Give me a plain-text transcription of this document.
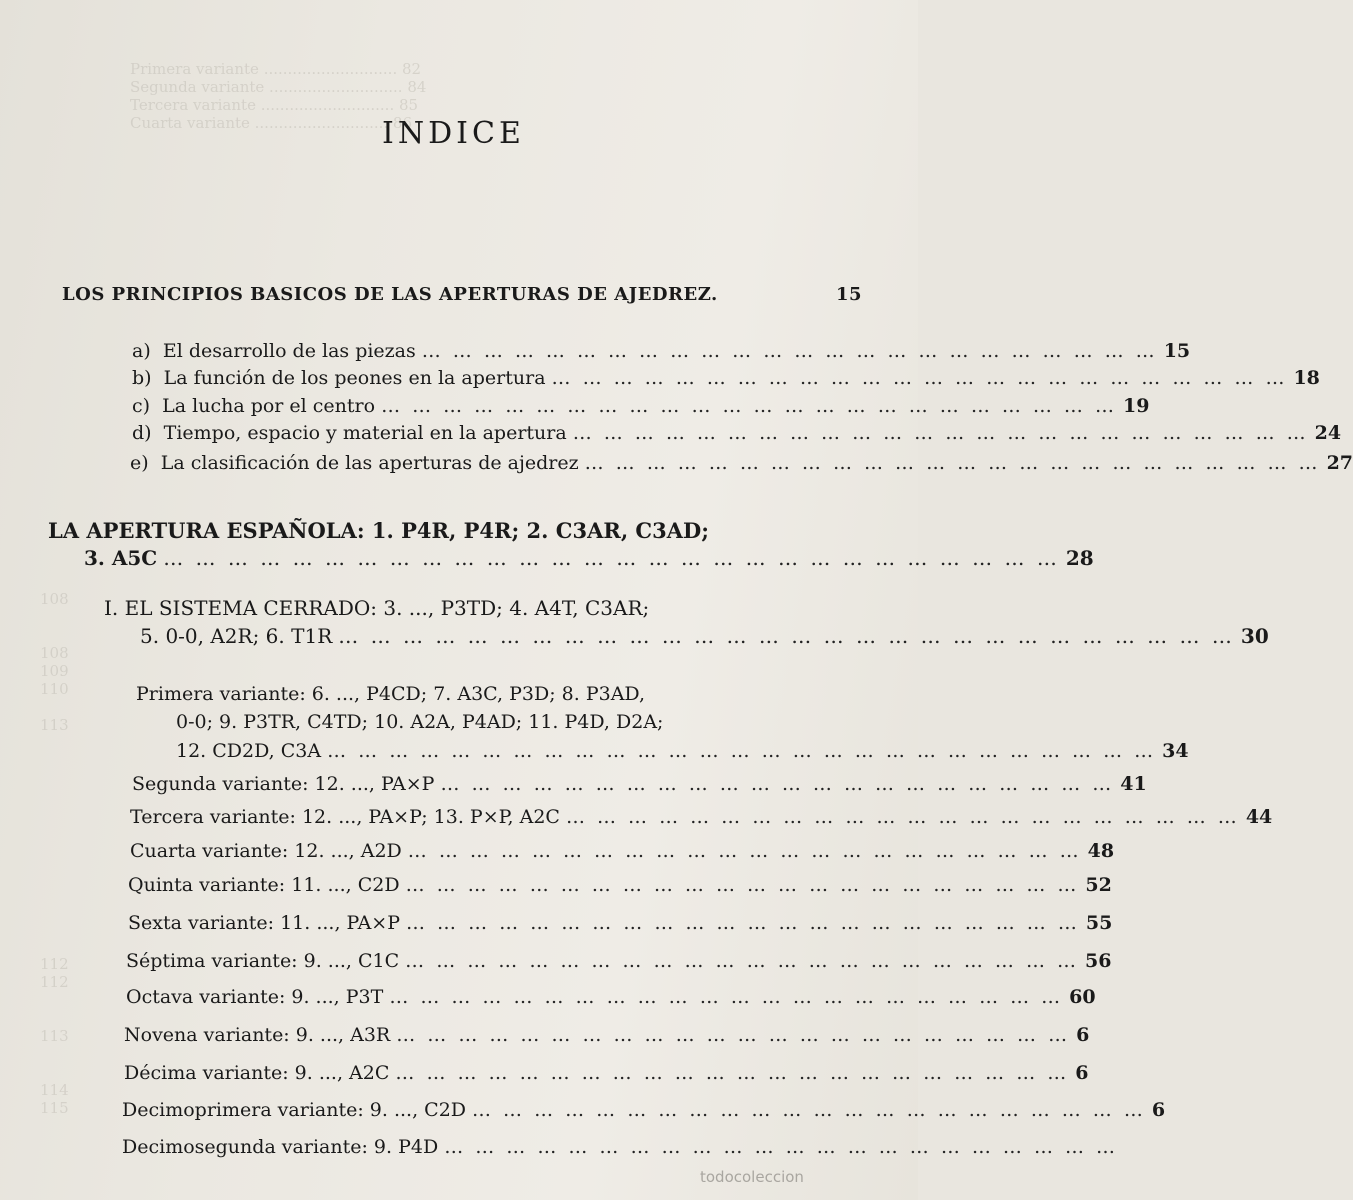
Primera variante ............................ 82
Segunda variante ............................ 84
Tercera variante ............................ 85
Cuarta variante ............................ 86
108

108
109
110

113
112
112

113

114
115
INDICE
LOS PRINCIPIOS BASICOS DE LAS APERTURAS DE AJEDREZ.	15
a) El desarrollo de las piezas … … … … … … … … … … … … … … … … … … … … … … … … 15
b) La función de los peones en la apertura … … … … … … … … … … … … … … … … … … … … … … … … 18
c) La lucha por el centro … … … … … … … … … … … … … … … … … … … … … … … … 19
d) Tiempo, espacio y material en la apertura … … … … … … … … … … … … … … … … … … … … … … … … 24
e) La clasificación de las aperturas de ajedrez … … … … … … … … … … … … … … … … … … … … … … … … 27
LA APERTURA ESPAÑOLA: 1. P4R, P4R; 2. C3AR, C3AD;
3. A5C … … … … … … … … … … … … … … … … … … … … … … … … … … … … 28
I. EL SISTEMA CERRADO: 3. ..., P3TD; 4. A4T, C3AR;
5. 0-0, A2R; 6. T1R … … … … … … … … … … … … … … … … … … … … … … … … … … … … 30
Primera variante: 6. ..., P4CD; 7. A3C, P3D; 8. P3AD,
0-0; 9. P3TR, C4TD; 10. A2A, P4AD; 11. P4D, D2A;
12. CD2D, C3A … … … … … … … … … … … … … … … … … … … … … … … … … … … 34
Segunda variante: 12. ..., PA×P … … … … … … … … … … … … … … … … … … … … … … 41
Tercera variante: 12. ..., PA×P; 13. P×P, A2C … … … … … … … … … … … … … … … … … … … … … … 44
Cuarta variante: 12. ..., A2D … … … … … … … … … … … … … … … … … … … … … … 48
Quinta variante: 11. ..., C2D … … … … … … … … … … … … … … … … … … … … … … 52
Sexta variante: 11. ..., PA×P … … … … … … … … … … … … … … … … … … … … … … 55
Séptima variante: 9. ..., C1C … … … … … … … … … … … … … … … … … … … … … … 56
Octava variante: 9. ..., P3T … … … … … … … … … … … … … … … … … … … … … … 60
Novena variante: 9. ..., A3R … … … … … … … … … … … … … … … … … … … … … … 6
Décima variante: 9. ..., A2C … … … … … … … … … … … … … … … … … … … … … … 6
Decimoprimera variante: 9. ..., C2D … … … … … … … … … … … … … … … … … … … … … … 6
Decimosegunda variante: 9. P4D … … … … … … … … … … … … … … … … … … … … … …
todocoleccion
